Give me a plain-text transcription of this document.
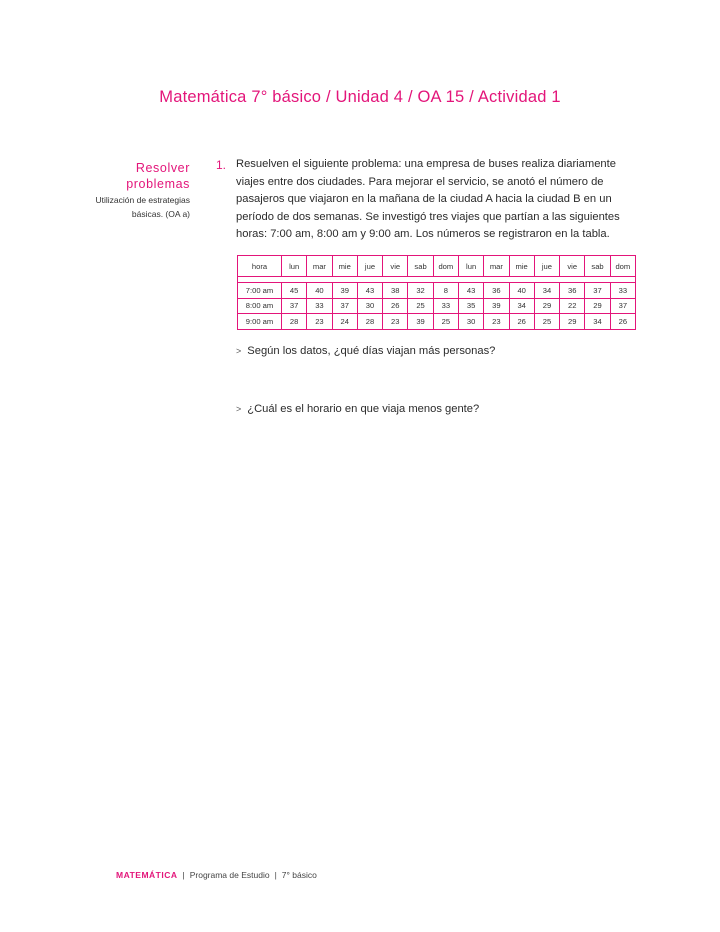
Matemática 7° básico / Unidad 4 / OA 15 / Actividad 1
Resolver
problemas
Utilización de estrategias
básicas. (OA a)
1. Resuelven el siguiente problema: una empresa de buses realiza diariamente viajes entre dos ciudades. Para mejorar el servicio, se anotó el número de pasajeros que viajaron en la mañana de la ciudad A hacia la ciudad B en un período de dos semanas. Se investigó tres viajes que partían a las siguientes horas: 7:00 am, 8:00 am y 9:00 am. Los números se registraron en la tabla.
hora	lun	mar	mie	jue	vie	sab	dom	lun	mar	mie	jue	vie	sab	dom

7:00 am	45	40	39	43	38	32	8	43	36	40	34	36	37	33
8:00 am	37	33	37	30	26	25	33	35	39	34	29	22	29	37
9:00 am	28	23	24	28	23	39	25	30	23	26	25	29	34	26
> Según los datos, ¿qué días viajan más personas?
> ¿Cuál es el horario en que viaja menos gente?
MATEMÁTICA | Programa de Estudio | 7° básico
